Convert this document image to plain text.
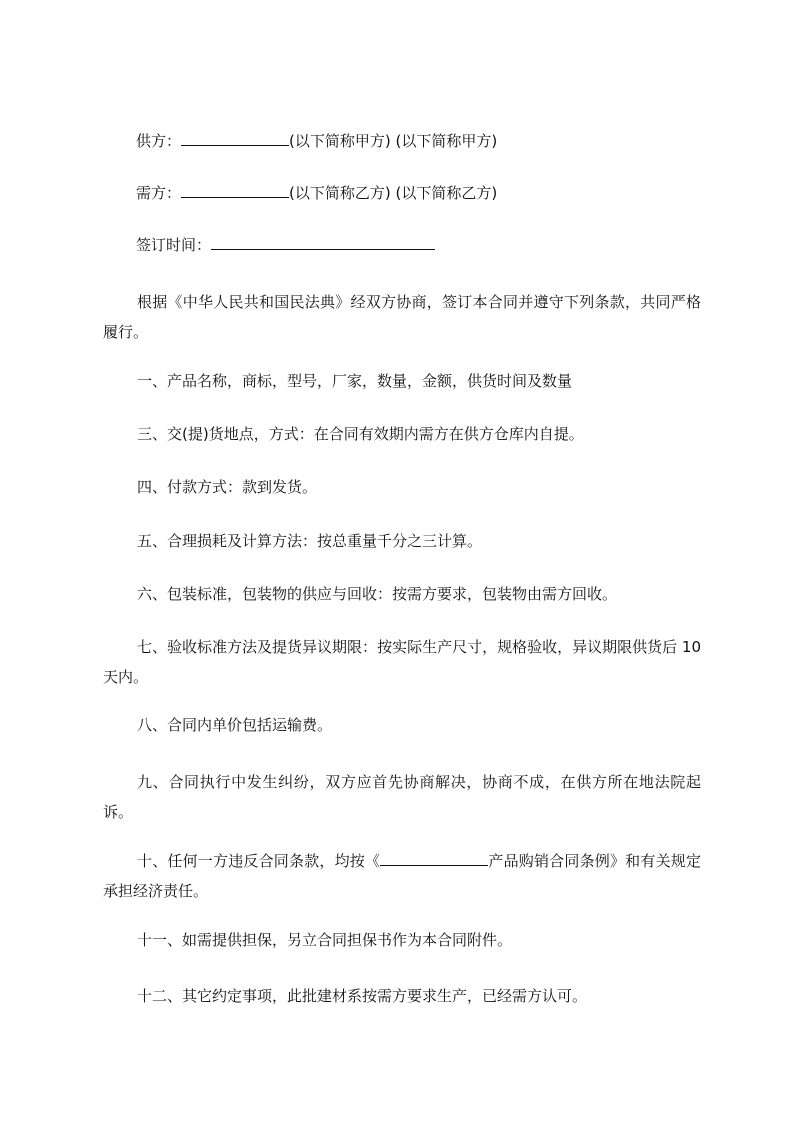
供方：	(以下简称甲方) (以下简称甲方)
需方：	(以下简称乙方) (以下简称乙方)
签订时间：
根据《中华人民共和国民法典》经双方协商，签订本合同并遵守下列条款，共同严格履行。
一、产品名称，商标，型号，厂家，数量，金额，供货时间及数量
三、交(提)货地点，方式：在合同有效期内需方在供方仓库内自提。
四、付款方式：款到发货。
五、合理损耗及计算方法：按总重量千分之三计算。
六、包装标准，包装物的供应与回收：按需方要求，包装物由需方回收。
七、验收标准方法及提货异议期限：按实际生产尺寸，规格验收，异议期限供货后 10 天内。
八、合同内单价包括运输费。
九、合同执行中发生纠纷，双方应首先协商解决，协商不成，在供方所在地法院起诉。
十、任何一方违反合同条款，均按《	产品购销合同条例》和有关规定承担经济责任。
十一、如需提供担保，另立合同担保书作为本合同附件。
十二、其它约定事项，此批建材系按需方要求生产，已经需方认可。
